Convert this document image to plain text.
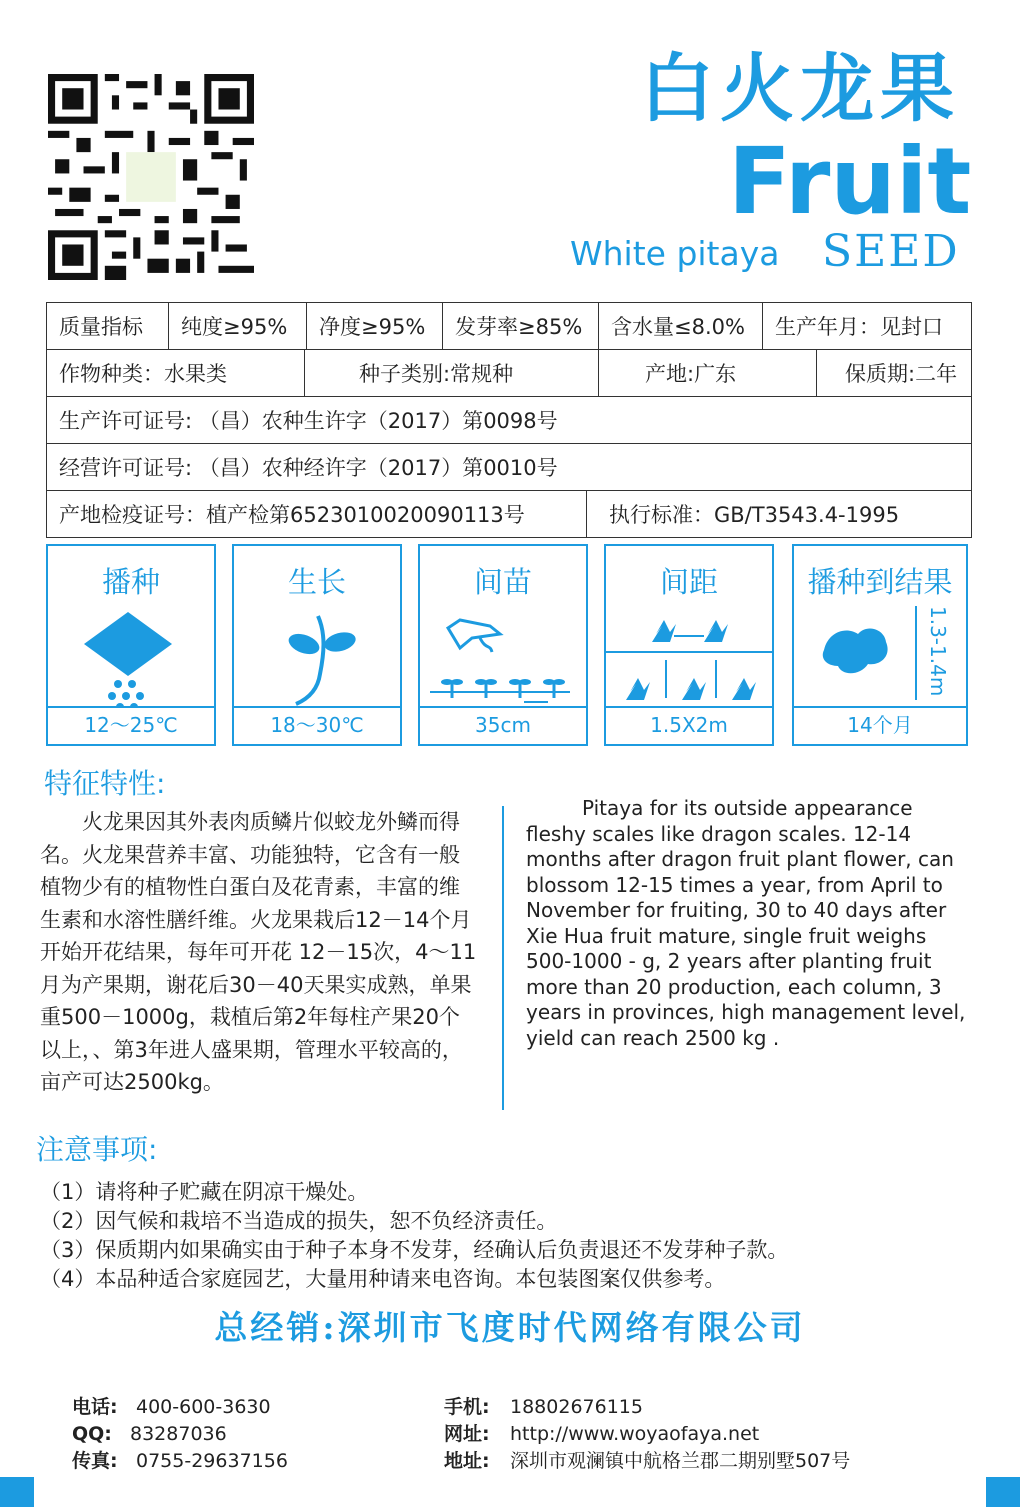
白火龙果
Fruit
White pitaya SEED
质量指标	纯度≥95%	净度≥95%	发芽率≥85%	含水量≤8.0%	生产年月：见封口
作物种类：水果类	种子类别:常规种	产地:广东	保质期:二年
生产许可证号: （昌）农种生许字（2017）第0098号
经营许可证号: （昌）农种经许字（2017）第0010号
产地检疫证号：植产检第6523010020090113号	执行标准：GB/T3543.4-1995
播种
12～25℃
生长
18～30℃
间苗
35cm
间距
1.5X2m
播种到结果
1.3-1.4m
14个月
特征特性:
火龙果因其外表肉质鳞片似蛟龙外鳞而得名。火龙果营养丰富、功能独特，它含有一般植物少有的植物性白蛋白及花青素，丰富的维生素和水溶性膳纤维。火龙果栽后12－14个月开始开花结果，每年可开花 12－15次，4～11月为产果期，谢花后30－40天果实成熟，单果重500－1000g，栽植后第2年每柱产果20个以上，、第3年进人盛果期，管理水平较高的，亩产可达2500kg。
Pitaya for its outside appearance fleshy scales like dragon scales. 12-14 months after dragon fruit plant flower, can blossom 12-15 times a year, from April to November for fruiting, 30 to 40 days after Xie Hua fruit mature, single fruit weighs 500-1000 - g, 2 years after planting fruit more than 20 production, each column, 3 years in provinces, high management level, yield can reach 2500 kg .
注意事项:
（1）请将种子贮藏在阴凉干燥处。
（2）因气候和栽培不当造成的损失，恕不负经济责任。
（3）保质期内如果确实由于种子本身不发芽，经确认后负责退还不发芽种子款。
（4）本品种适合家庭园艺，大量用种请来电咨询。本包装图案仅供参考。
总经销:深圳市飞度时代网络有限公司
电话: 400-600-3630
QQ: 83287036
传真: 0755-29637156
手机: 18802676115
网址: http://www.woyaofaya.net
地址: 深圳市观澜镇中航格兰郡二期别墅507号
